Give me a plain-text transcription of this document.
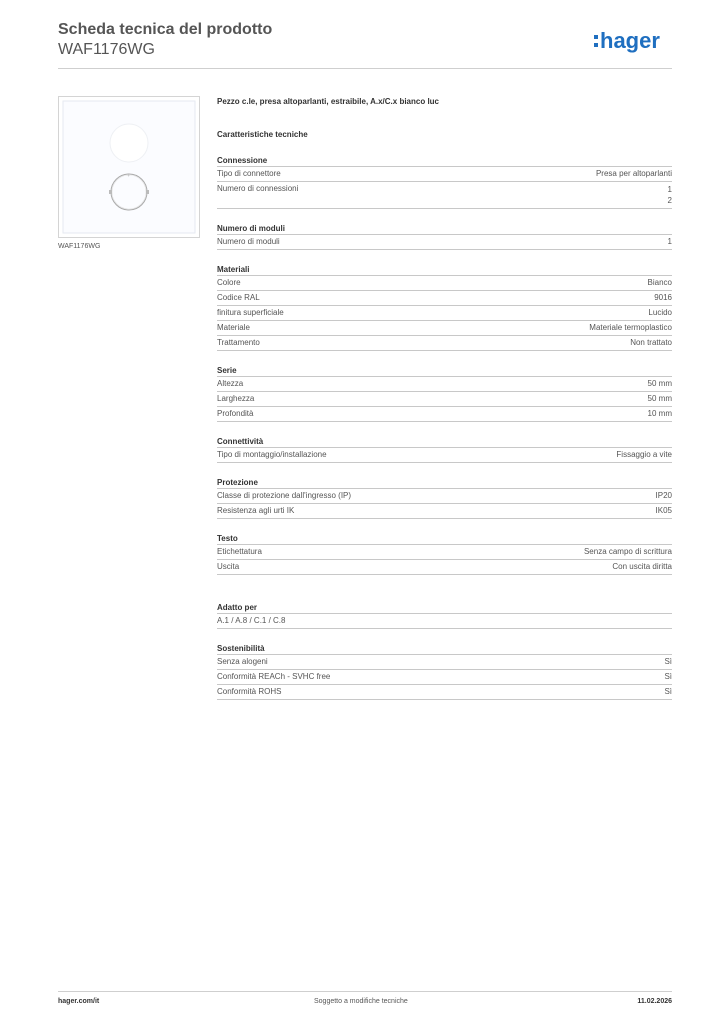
Scheda tecnica del prodotto
WAF1176WG	hager
+
WAF1176WG
Pezzo c.le, presa altoparlanti, estraibile, A.x/C.x bianco luc
Caratteristiche tecniche
Connessione
Tipo di connettore	Presa per altoparlanti
Numero di connessioni	1
2
Numero di moduli
Numero di moduli	1
Materiali
Colore	Bianco
Codice RAL	9016
finitura superficiale	Lucido
Materiale	Materiale termoplastico
Trattamento	Non trattato
Serie
Altezza	50 mm
Larghezza	50 mm
Profondità	10 mm
Connettività
Tipo di montaggio/installazione	Fissaggio a vite
Protezione
Classe di protezione dall'ingresso (IP)	IP20
Resistenza agli urti IK	IK05
Testo
Etichettatura	Senza campo di scrittura
Uscita	Con uscita diritta
Adatto per
A.1 / A.8 / C.1 / C.8
Sostenibilità
Senza alogeni	Sì
Conformità REACh - SVHC free	Sì
Conformità ROHS	Sì
hager.com/it	Soggetto a modifiche tecniche	11.02.2026
